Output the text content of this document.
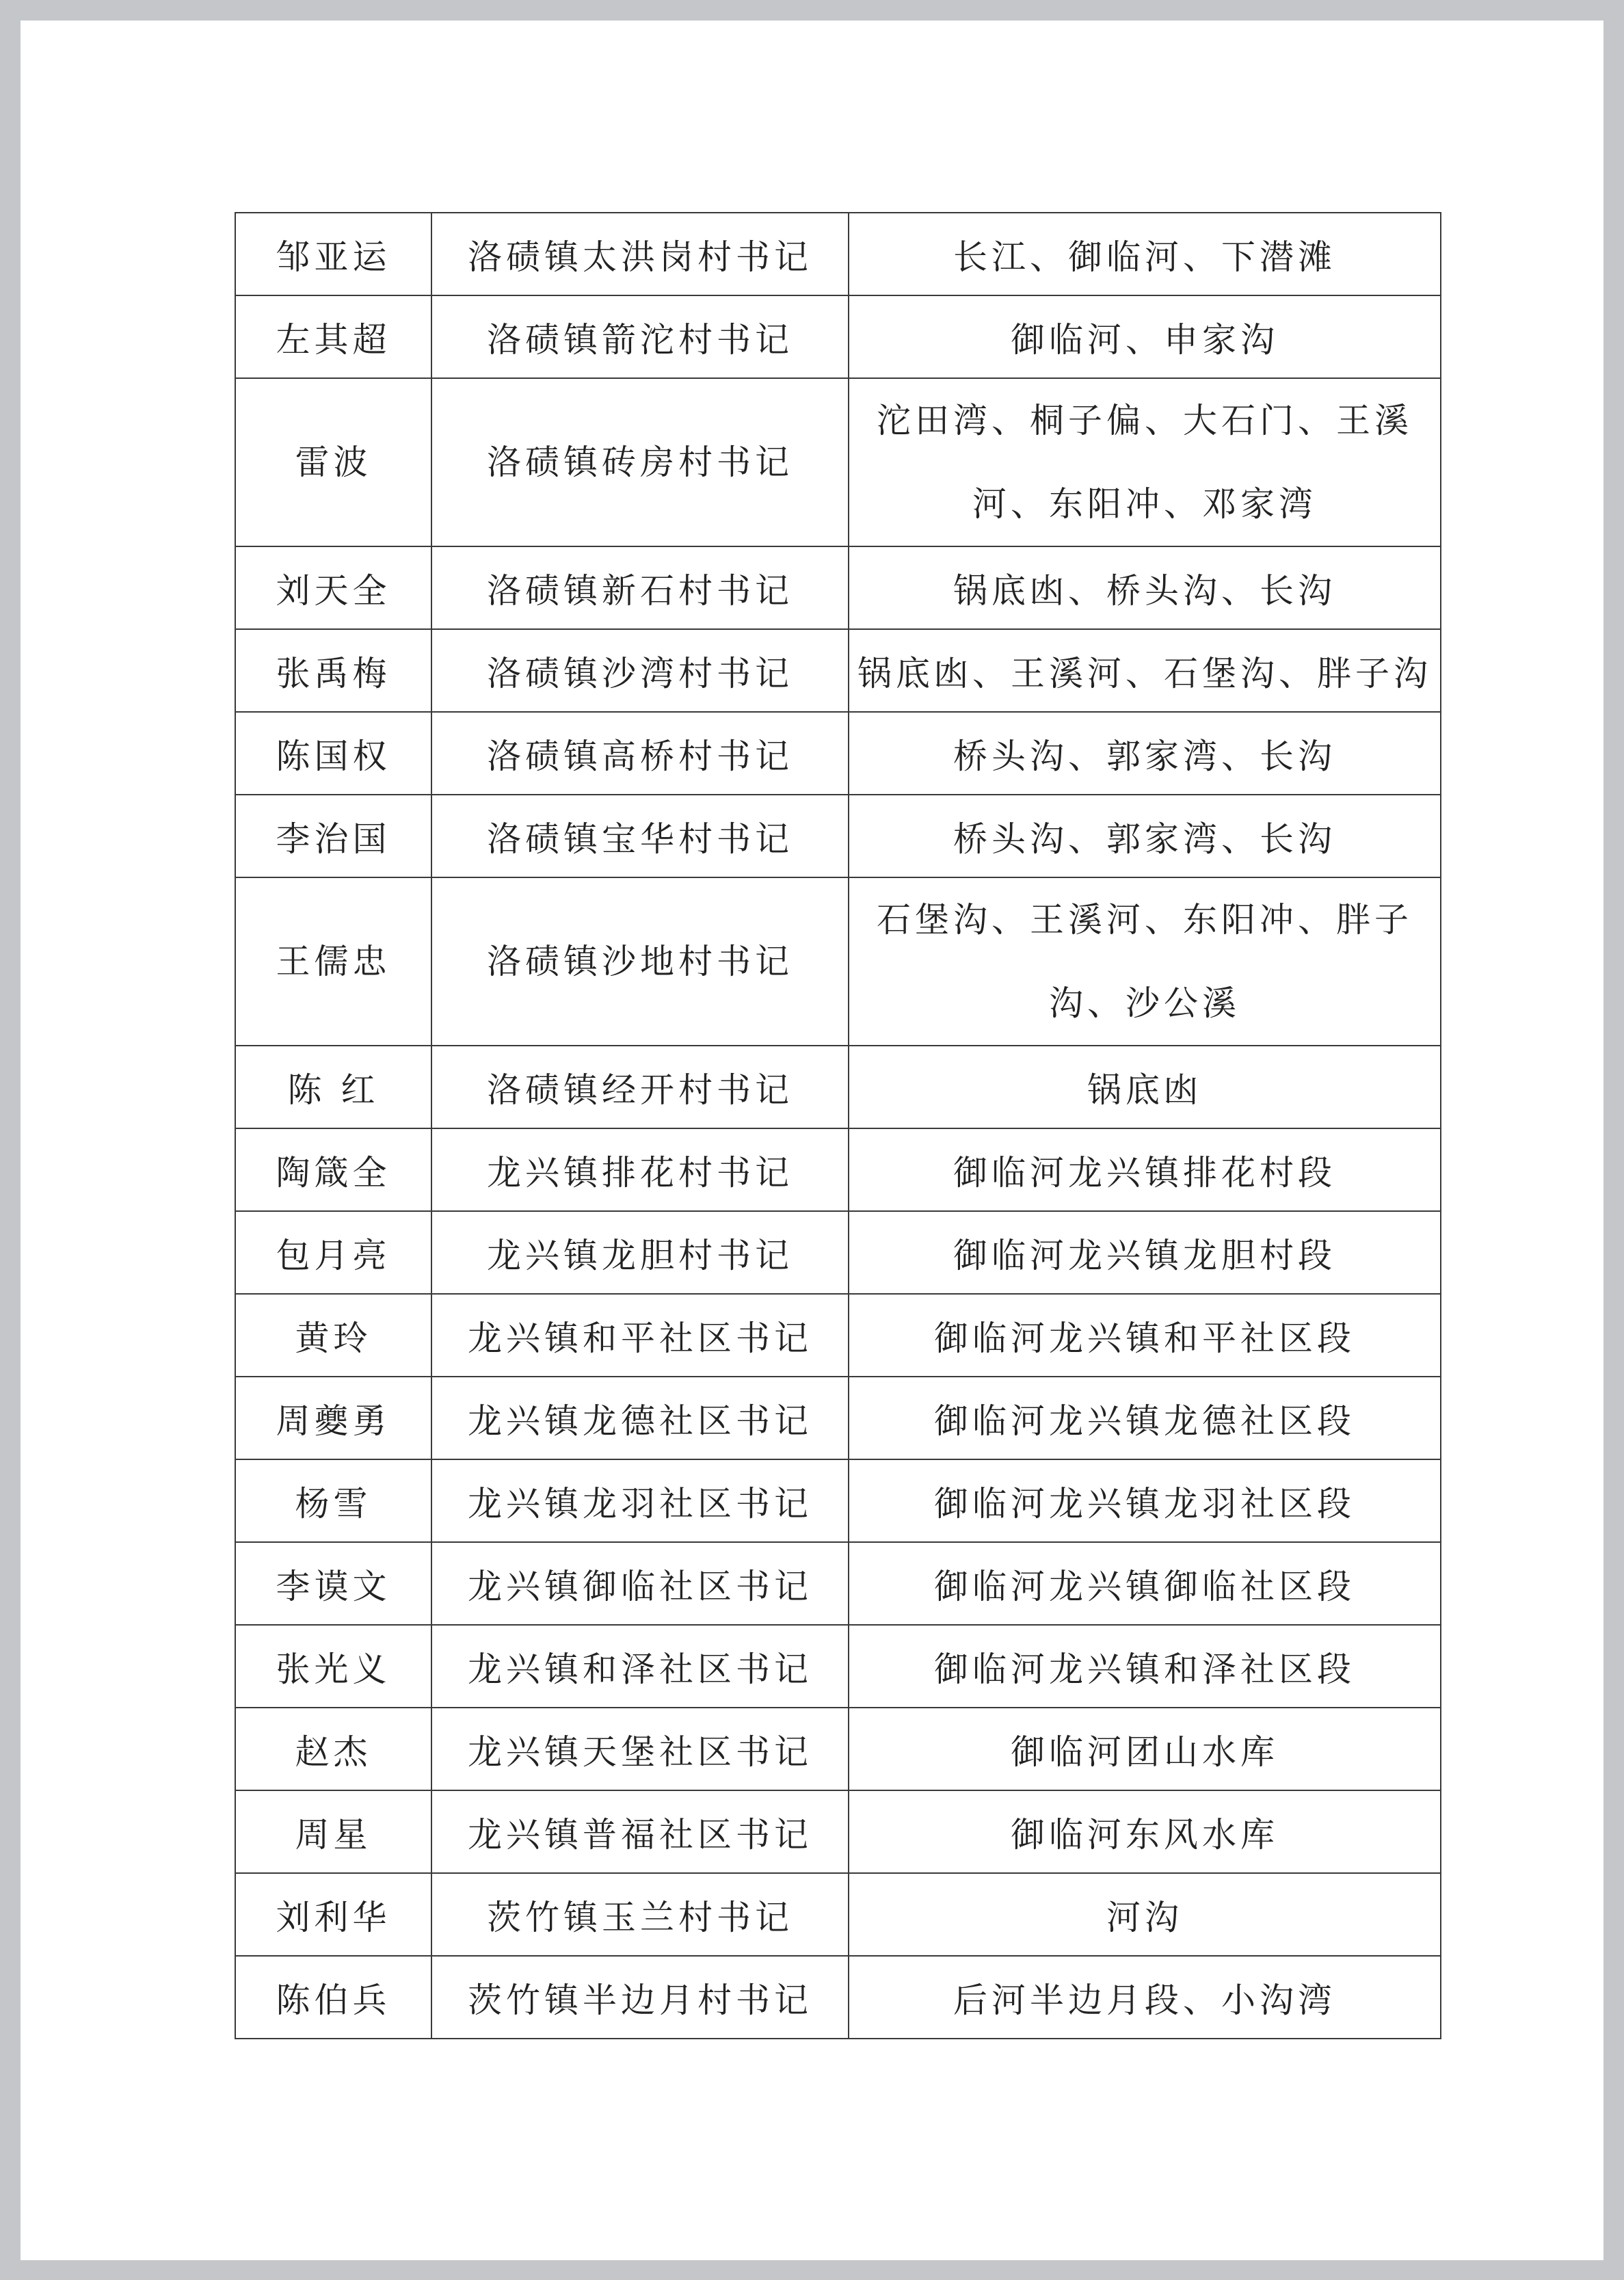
邹亚运	洛碛镇太洪岗村书记	长江、御临河、下潜滩
左其超	洛碛镇箭沱村书记	御临河、申家沟
雷波	洛碛镇砖房村书记	沱田湾、桐子偏、大石门、王溪河、东阳冲、邓家湾
刘天全	洛碛镇新石村书记	锅底凼、桥头沟、长沟
张禹梅	洛碛镇沙湾村书记	锅底凼、王溪河、石堡沟、胖子沟
陈国权	洛碛镇高桥村书记	桥头沟、郭家湾、长沟
李治国	洛碛镇宝华村书记	桥头沟、郭家湾、长沟
王儒忠	洛碛镇沙地村书记	石堡沟、王溪河、东阳冲、胖子沟、沙公溪
陈 红	洛碛镇经开村书记	锅底凼
陶箴全	龙兴镇排花村书记	御临河龙兴镇排花村段
包月亮	龙兴镇龙胆村书记	御临河龙兴镇龙胆村段
黄玲	龙兴镇和平社区书记	御临河龙兴镇和平社区段
周夔勇	龙兴镇龙德社区书记	御临河龙兴镇龙德社区段
杨雪	龙兴镇龙羽社区书记	御临河龙兴镇龙羽社区段
李谟文	龙兴镇御临社区书记	御临河龙兴镇御临社区段
张光义	龙兴镇和泽社区书记	御临河龙兴镇和泽社区段
赵杰	龙兴镇天堡社区书记	御临河团山水库
周星	龙兴镇普福社区书记	御临河东风水库
刘利华	茨竹镇玉兰村书记	河沟
陈伯兵	茨竹镇半边月村书记	后河半边月段、小沟湾
